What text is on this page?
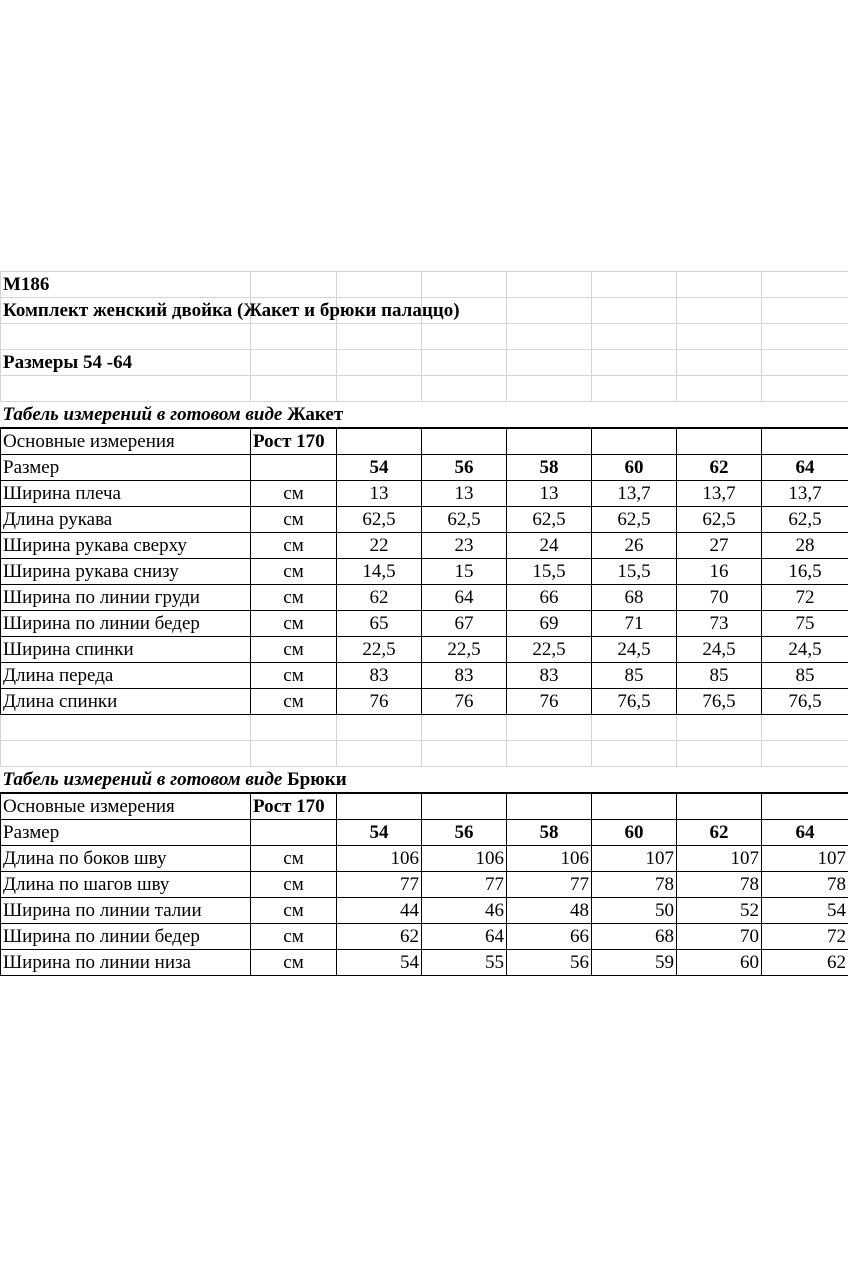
М186							
Комплект женский двойка (Жакет и брюки палаццо)							

Размеры 54 -64							

Табель измерений в готовом виде Жакет							
Основные измерения	Рост 170						
Размер		54	56	58	60	62	64
Ширина плеча	см	13	13	13	13,7	13,7	13,7
Длина рукава	см	62,5	62,5	62,5	62,5	62,5	62,5
Ширина рукава сверху	см	22	23	24	26	27	28
Ширина рукава снизу	см	14,5	15	15,5	15,5	16	16,5
Ширина по линии груди	см	62	64	66	68	70	72
Ширина по линии бедер	см	65	67	69	71	73	75
Ширина спинки	см	22,5	22,5	22,5	24,5	24,5	24,5
Длина переда	см	83	83	83	85	85	85
Длина спинки	см	76	76	76	76,5	76,5	76,5

Табель измерений в готовом виде Брюки							
Основные измерения	Рост 170						
Размер		54	56	58	60	62	64
Длина по боков шву	см	106	106	106	107	107	107
Длина по шагов шву	см	77	77	77	78	78	78
Ширина по линии талии	см	44	46	48	50	52	54
Ширина по линии бедер	см	62	64	66	68	70	72
Ширина по линии низа	см	54	55	56	59	60	62
